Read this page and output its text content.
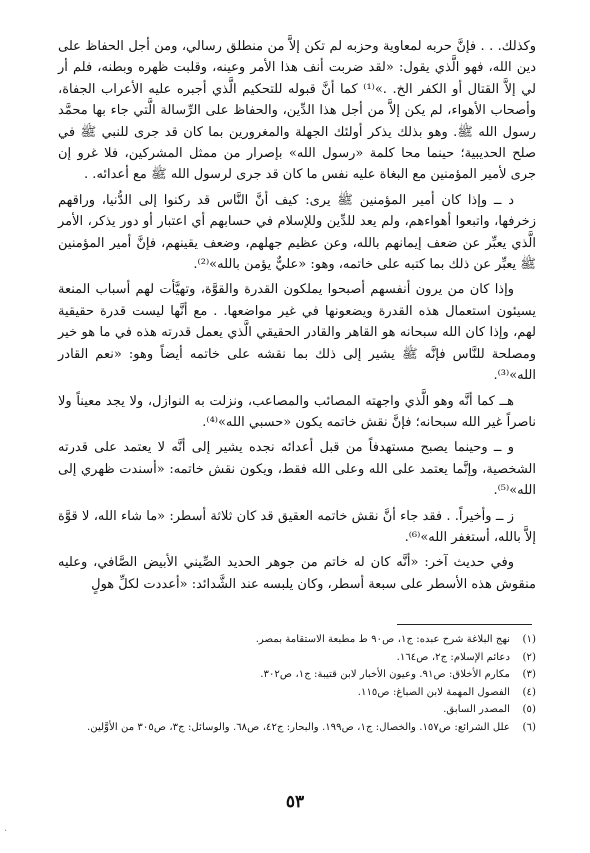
وكذلك. . . فإنَّ حربه لمعاوية وحزبه لم تكن إلاَّ من منطلق رسالي، ومن أجل الحفاظ على دين الله، فهو الَّذي يقول: «لقد ضربت أنف هذا الأمر وعينه، وقلبت ظهره وبطنه، فلم أر لي إلاَّ القتال أو الكفر الخ. .»⁽¹⁾ كما أنَّ قبوله للتحكيم الَّذي أجبره عليه الأعراب الجفاة، وأصحاب الأهواء، لم يكن إلاَّ من أجل هذا الدِّين، والحفاظ على الرِّسالة الَّتي جاء بها محمَّد رسول الله ﷺ. وهو بذلك يذكر أولئك الجهلة والمغرورين بما كان قد جرى للنبي ﷺ في صلح الحديبية؛ حينما محا كلمة «رسول الله» بإصرار من ممثل المشركين، فلا غرو إن جرى لأمير المؤمنين مع البغاة عليه نفس ما كان قد جرى لرسول الله ﷺ مع أعدائه. .

د ــ وإذا كان أمير المؤمنين ﷺ يرى: كيف أنَّ النَّاس قد ركنوا إلى الدُّنيا، وراقهم زخرفها، واتبعوا أهواءهم، ولم يعد للدِّين وللإسلام في حسابهم أي اعتبار أو دور يذكر، الأمر الَّذي يعبِّر عن ضعف إيمانهم بالله، وعن عظيم جهلهم، وضعف يقينهم، فإنَّ أمير المؤمنين ﷺ يعبِّر عن ذلك بما كتبه على خاتمه، وهو: «عليٌّ يؤمن بالله»⁽²⁾.

وإذا كان من يرون أنفسهم أصبحوا يملكون القدرة والقوَّة، وتهيَّأت لهم أسباب المنعة يسيئون استعمال هذه القدرة ويضعونها في غير مواضعها. . مع أنَّها ليست قدرة حقيقية لهم، وإذا كان الله سبحانه هو القاهر والقادر الحقيقي الَّذي يعمل قدرته هذه في ما هو خير ومصلحة للنَّاس فإنَّه ﷺ يشير إلى ذلك بما نقشه على خاتمه أيضاً وهو: «نعم القادر الله»⁽³⁾.

هــ كما أنَّه وهو الَّذي واجهته المصائب والمصاعب، ونزلت به النوازل، ولا يجد معيناً ولا ناصراً غير الله سبحانه؛ فإنَّ نقش خاتمه يكون «حسبي الله»⁽⁴⁾.

و ــ وحينما يصبح مستهدفاً من قبل أعدائه نجده يشير إلى أنَّه لا يعتمد على قدرته الشخصية، وإنَّما يعتمد على الله وعلى الله فقط، ويكون نقش خاتمه: «أسندت ظهري إلى الله»⁽⁵⁾.

ز ــ وأخيراً. . فقد جاء أنَّ نقش خاتمه العقيق قد كان ثلاثة أسطر: «ما شاء الله، لا قوَّة إلاَّ بالله، أستغفر الله»⁽⁶⁾.

وفي حديث آخر: «أنَّه كان له خاتم من جوهر الحديد الصِّيني الأبيض الصَّافي، وعليه منقوش هذه الأسطر على سبعة أسطر، وكان يلبسه عند الشَّدائد: «أعددت لكلِّ هولٍ

(١)
نهج البلاغة شرح عبده: ج١، ص٩٠ ط مطبعة الاستقامة بمصر.
(٢)
دعائم الإسلام: ج٢، ص١٦٤.
(٣)
مكارم الأخلاق: ص٩١. وعيون الأخبار لابن قتيبة: ج١، ص٣٠٢.
(٤)
الفصول المهمة لابن الصباغ: ص١١٥.
(٥)
المصدر السابق.
(٦)
علل الشرائع: ص١٥٧. والخصال: ج١، ص١٩٩. والبحار: ج٤٢، ص٦٨. والوسائل: ج٣، ص٣٠٥ من الأوَّلين.
٥٣
·
